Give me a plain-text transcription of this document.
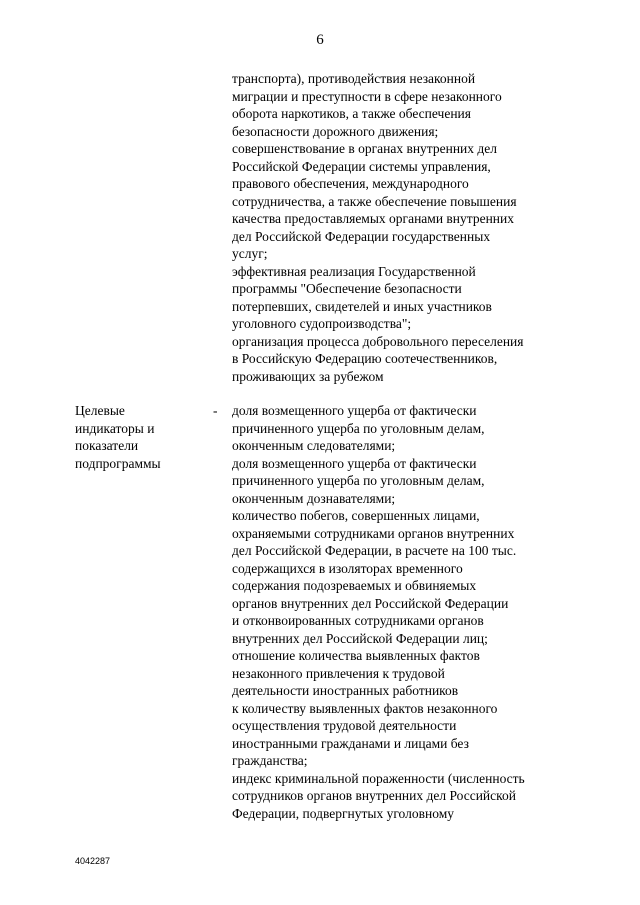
6
транспорта), противодействия незаконной
миграции и преступности в сфере незаконного
оборота наркотиков, а также обеспечения
безопасности дорожного движения;
совершенствование в органах внутренних дел
Российской Федерации системы управления,
правового обеспечения, международного
сотрудничества, а также обеспечение повышения
качества предоставляемых органами внутренних
дел Российской Федерации государственных
услуг;
эффективная реализация Государственной
программы "Обеспечение безопасности
потерпевших, свидетелей и иных участников
уголовного судопроизводства";
организация процесса добровольного переселения
в Российскую Федерацию соотечественников,
проживающих за рубежом
Целевые
индикаторы и
показатели
подпрограммы
- доля возмещенного ущерба от фактически
причиненного ущерба по уголовным делам,
оконченным следователями;
доля возмещенного ущерба от фактически
причиненного ущерба по уголовным делам,
оконченным дознавателями;
количество побегов, совершенных лицами,
охраняемыми сотрудниками органов внутренних
дел Российской Федерации, в расчете на 100 тыс.
содержащихся в изоляторах временного
содержания подозреваемых и обвиняемых
органов внутренних дел Российской Федерации
и отконвоированных сотрудниками органов
внутренних дел Российской Федерации лиц;
отношение количества выявленных фактов
незаконного привлечения к трудовой
деятельности иностранных работников
к количеству выявленных фактов незаконного
осуществления трудовой деятельности
иностранными гражданами и лицами без
гражданства;
индекс криминальной пораженности (численность
сотрудников органов внутренних дел Российской
Федерации, подвергнутых уголовному
4042287
